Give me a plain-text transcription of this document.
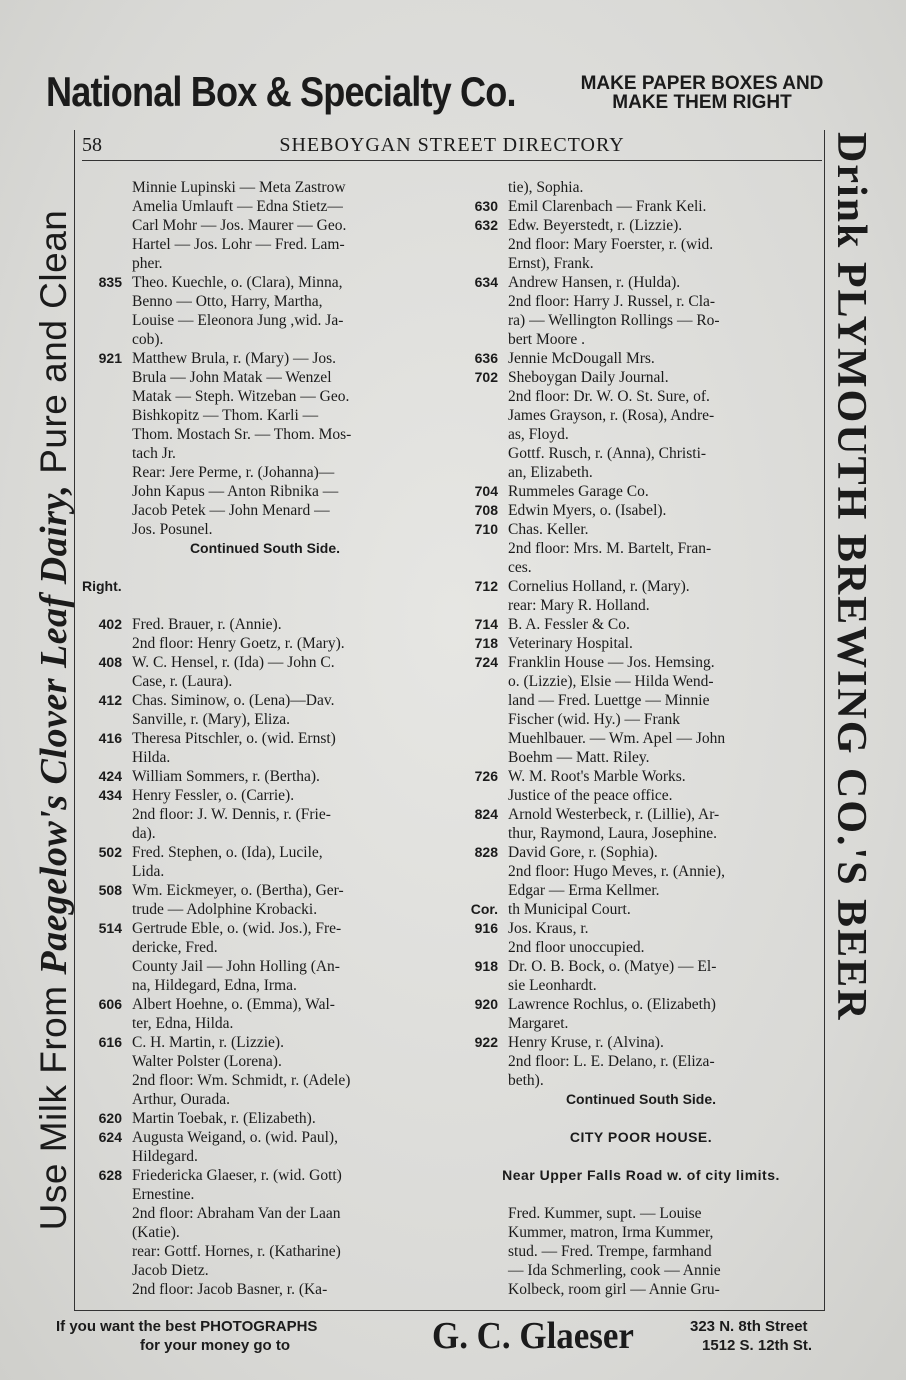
National Box & Specialty Co.	MAKE PAPER BOXES AND
MAKE THEM RIGHT
58	SHEBOYGAN STREET DIRECTORY
Use Milk From Paegelow's Clover Leaf Dairy, Pure and Clean	Drink PLYMOUTH BREWING CO.'S BEER
Minnie Lupinski — Meta Zastrow
Amelia Umlauft — Edna Stietz—
Carl Mohr — Jos. Maurer — Geo.
Hartel — Jos. Lohr — Fred. Lam-
pher.
835 Theo. Kuechle, o. (Clara), Minna,
Benno — Otto, Harry, Martha,
Louise — Eleonora Jung ,wid. Ja-
cob).
921 Matthew Brula, r. (Mary) — Jos.
Brula — John Matak — Wenzel
Matak — Steph. Witzeban — Geo.
Bishkopitz — Thom. Karli —
Thom. Mostach Sr. — Thom. Mos-
tach Jr.
Rear: Jere Perme, r. (Johanna)—
John Kapus — Anton Ribnika —
Jacob Petek — John Menard —
Jos. Posunel.
Continued South Side.
Right.
402 Fred. Brauer, r. (Annie).
2nd floor: Henry Goetz, r. (Mary).
408 W. C. Hensel, r. (Ida) — John C.
Case, r. (Laura).
412 Chas. Siminow, o. (Lena)—Dav.
Sanville, r. (Mary), Eliza.
416 Theresa Pitschler, o. (wid. Ernst)
Hilda.
424 William Sommers, r. (Bertha).
434 Henry Fessler, o. (Carrie).
2nd floor: J. W. Dennis, r. (Frie-
da).
502 Fred. Stephen, o. (Ida), Lucile,
Lida.
508 Wm. Eickmeyer, o. (Bertha), Ger-
trude — Adolphine Krobacki.
514 Gertrude Eble, o. (wid. Jos.), Fre-
dericke, Fred.
County Jail — John Holling (An-
na, Hildegard, Edna, Irma.
606 Albert Hoehne, o. (Emma), Wal-
ter, Edna, Hilda.
616 C. H. Martin, r. (Lizzie).
Walter Polster (Lorena).
2nd floor: Wm. Schmidt, r. (Adele)
Arthur, Ourada.
620 Martin Toebak, r. (Elizabeth).
624 Augusta Weigand, o. (wid. Paul),
Hildegard.
628 Friedericka Glaeser, r. (wid. Gott)
Ernestine.
2nd floor: Abraham Van der Laan
(Katie).
rear: Gottf. Hornes, r. (Katharine)
Jacob Dietz.
2nd floor: Jacob Basner, r. (Ka-
tie), Sophia.
630 Emil Clarenbach — Frank Keli.
632 Edw. Beyerstedt, r. (Lizzie).
2nd floor: Mary Foerster, r. (wid.
Ernst), Frank.
634 Andrew Hansen, r. (Hulda).
2nd floor: Harry J. Russel, r. Cla-
ra) — Wellington Rollings — Ro-
bert Moore .
636 Jennie McDougall Mrs.
702 Sheboygan Daily Journal.
2nd floor: Dr. W. O. St. Sure, of.
James Grayson, r. (Rosa), Andre-
as, Floyd.
Gottf. Rusch, r. (Anna), Christi-
an, Elizabeth.
704 Rummeles Garage Co.
708 Edwin Myers, o. (Isabel).
710 Chas. Keller.
2nd floor: Mrs. M. Bartelt, Fran-
ces.
712 Cornelius Holland, r. (Mary).
rear: Mary R. Holland.
714 B. A. Fessler & Co.
718 Veterinary Hospital.
724 Franklin House — Jos. Hemsing.
o. (Lizzie), Elsie — Hilda Wend-
land — Fred. Luettge — Minnie
Fischer (wid. Hy.) — Frank
Muehlbauer. — Wm. Apel — John
Boehm — Matt. Riley.
726 W. M. Root's Marble Works.
Justice of the peace office.
824 Arnold Westerbeck, r. (Lillie), Ar-
thur, Raymond, Laura, Josephine.
828 David Gore, r. (Sophia).
2nd floor: Hugo Meves, r. (Annie),
Edgar — Erma Kellmer.
Cor. th Municipal Court.
916 Jos. Kraus, r.
2nd floor unoccupied.
918 Dr. O. B. Bock, o. (Matye) — El-
sie Leonhardt.
920 Lawrence Rochlus, o. (Elizabeth)
Margaret.
922 Henry Kruse, r. (Alvina).
2nd floor: L. E. Delano, r. (Eliza-
beth).
Continued South Side.
CITY POOR HOUSE.
Near Upper Falls Road w. of city limits.
Fred. Kummer, supt. — Louise
Kummer, matron, Irma Kummer,
stud. — Fred. Trempe, farmhand
— Ida Schmerling, cook — Annie
Kolbeck, room girl — Annie Gru-
If you want the best PHOTOGRAPHS
for your money go to	G. C. Glaeser	323 N. 8th Street
1512 S. 12th St.
